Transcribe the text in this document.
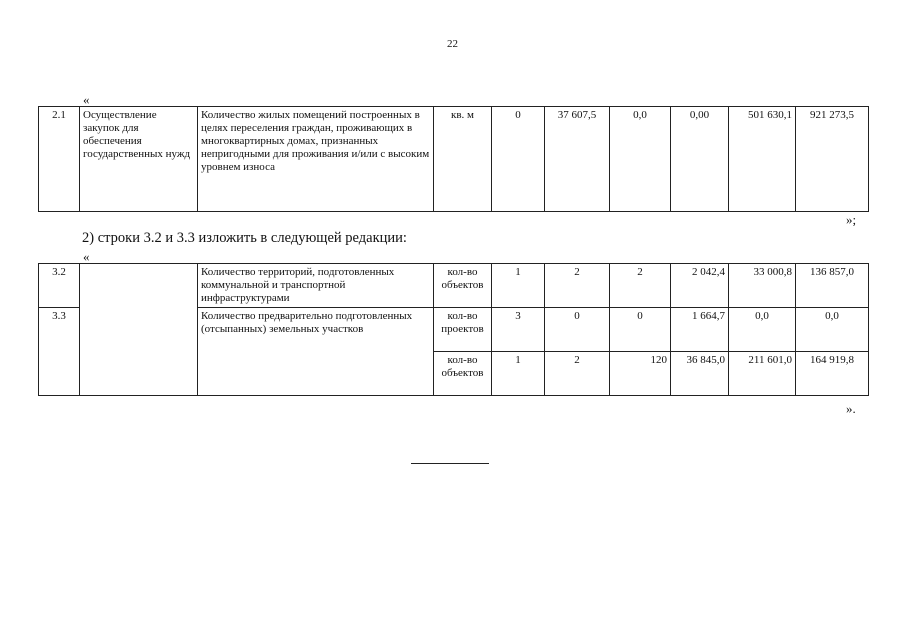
22
«
2.1	Осуществление закупок для обеспечения государственных нужд	Количество жилых помещений построенных в целях переселения граждан, проживающих в многоквартирных домах, признанных непригодными для проживания и/или с высоким уровнем износа	кв. м	0	37 607,5	0,0	0,00	501 630,1	921 273,5
»;
2) строки 3.2 и 3.3 изложить в следующей редакции:
«
3.2		Количество территорий, подготовленных коммунальной и транспортной инфраструктурами	кол-во объектов	1	2	2	2 042,4	33 000,8	136 857,0
3.3		Количество предварительно подготовленных (отсыпанных) земельных участков	кол-во проектов	3	0	0	1 664,7	0,0	0,0
			кол-во объектов	1	2	120	36 845,0	211 601,0	164 919,8
».
